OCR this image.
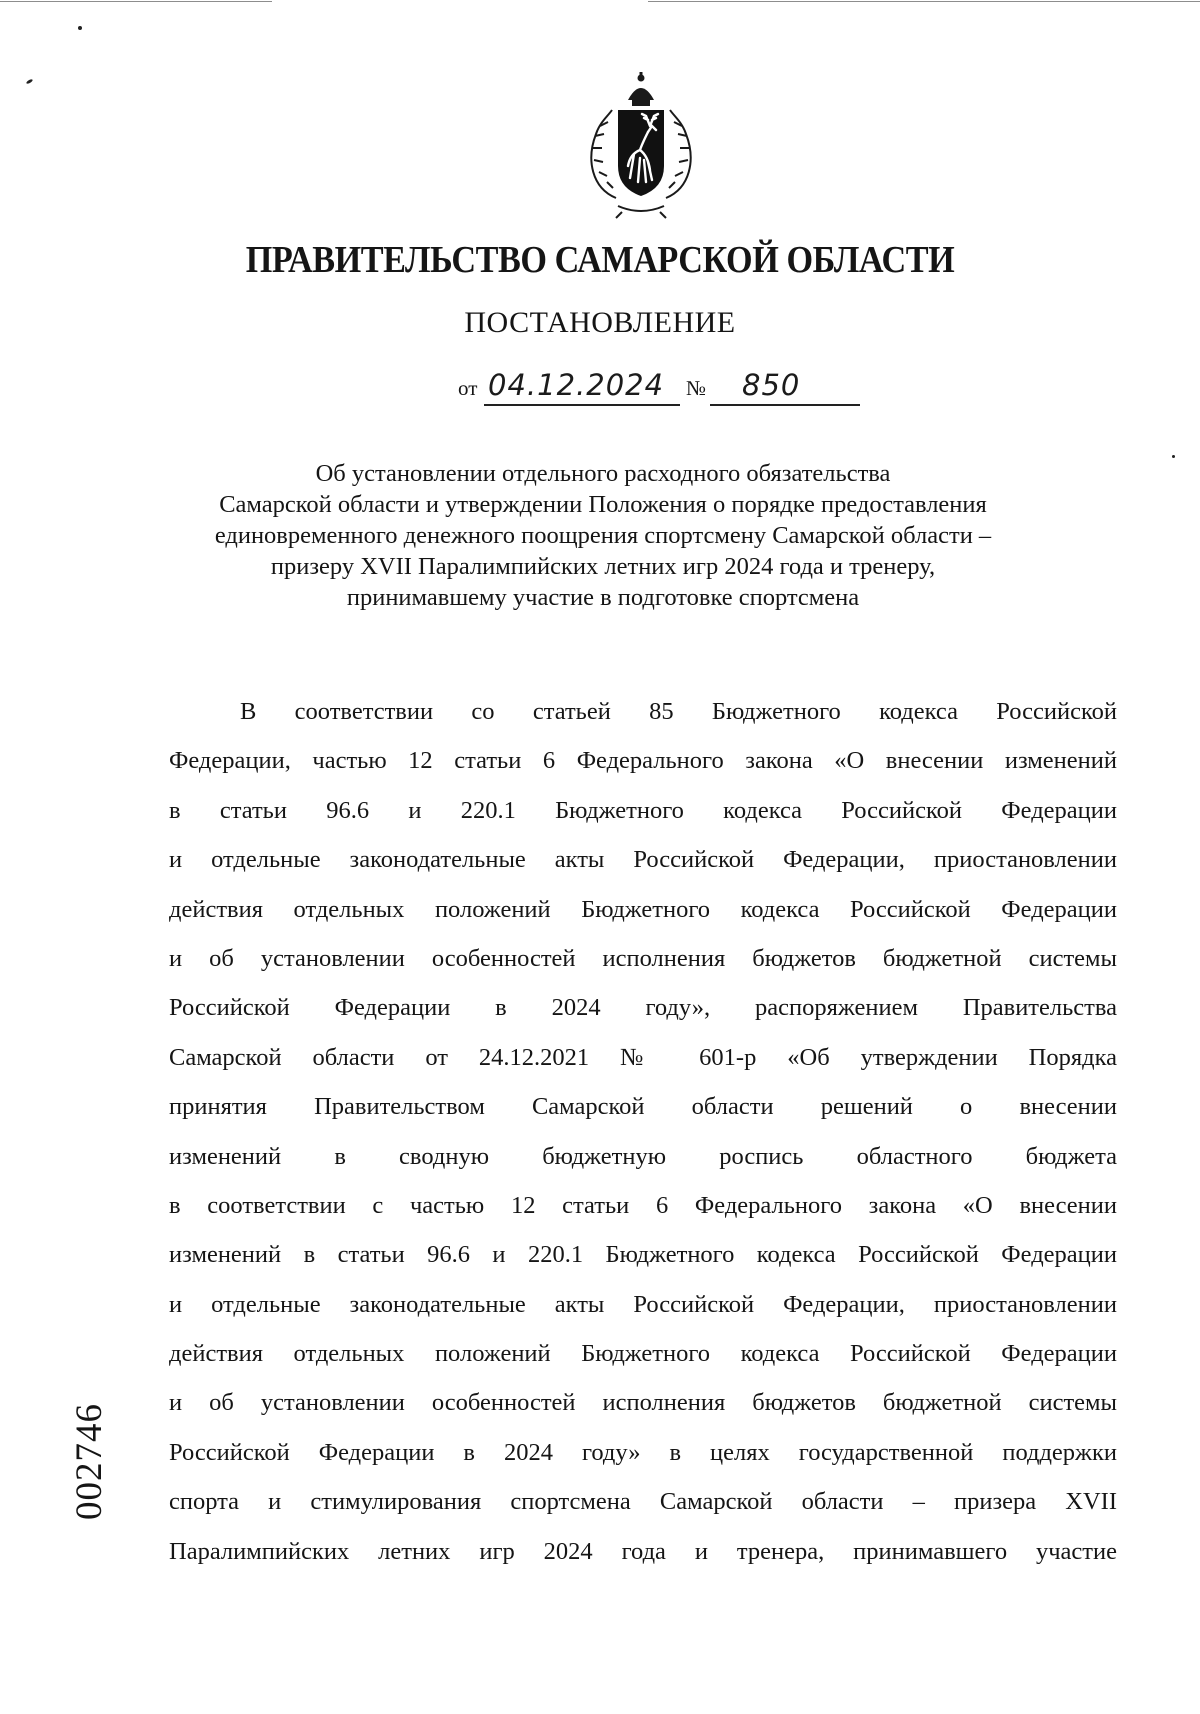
ПРАВИТЕЛЬСТВО САМАРСКОЙ ОБЛАСТИ
ПОСТАНОВЛЕНИЕ
от 04.12.2024 № 850
Об установлении отдельного расходного обязательства
Самарской области и утверждении Положения о порядке предоставления
единовременного денежного поощрения спортсмену Самарской области –
призеру XVII Паралимпийских летних игр 2024 года и тренеру,
принимавшему участие в подготовке спортсмена
В соответствии со статьей 85 Бюджетного кодекса Российской
Федерации, частью 12 статьи 6 Федерального закона «О внесении изменений
в статьи 96.6 и 220.1 Бюджетного кодекса Российской Федерации
и отдельные законодательные акты Российской Федерации, приостановлении
действия отдельных положений Бюджетного кодекса Российской Федерации
и об установлении особенностей исполнения бюджетов бюджетной системы
Российской Федерации в 2024 году», распоряжением Правительства
Самарской области от 24.12.2021 № 601-р «Об утверждении Порядка
принятия Правительством Самарской области решений о внесении
изменений в сводную бюджетную роспись областного бюджета
в соответствии с частью 12 статьи 6 Федерального закона «О внесении
изменений в статьи 96.6 и 220.1 Бюджетного кодекса Российской Федерации
и отдельные законодательные акты Российской Федерации, приостановлении
действия отдельных положений Бюджетного кодекса Российской Федерации
и об установлении особенностей исполнения бюджетов бюджетной системы
Российской Федерации в 2024 году» в целях государственной поддержки
спорта и стимулирования спортсмена Самарской области – призера XVII
Паралимпийских летних игр 2024 года и тренера, принимавшего участие
002746
